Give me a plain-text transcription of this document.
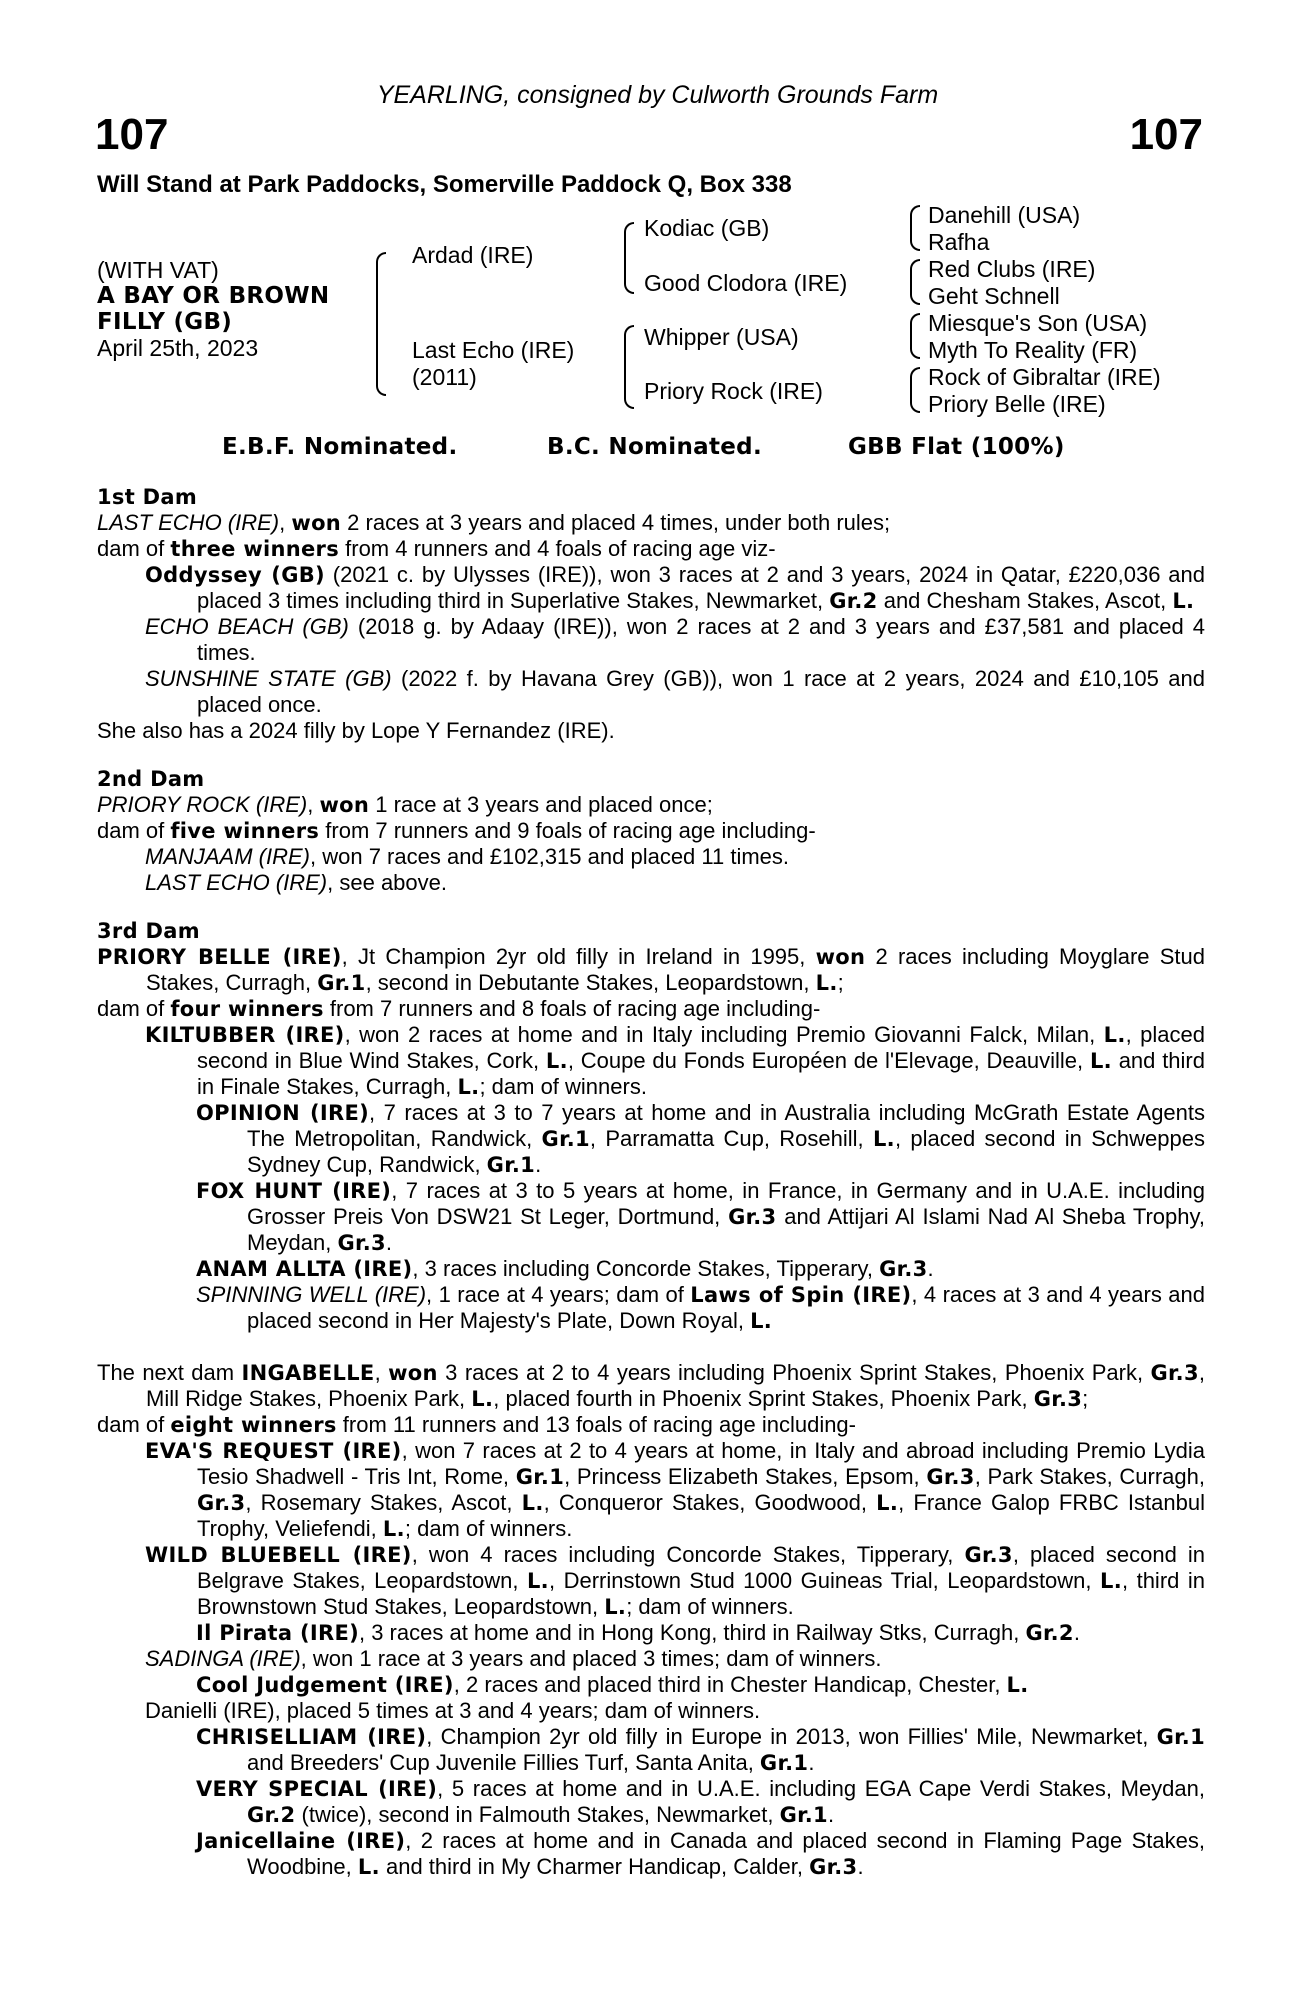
YEARLING, consigned by Culworth Grounds Farm
107	107
Will Stand at Park Paddocks, Somerville Paddock Q, Box 338
(WITH VAT)
A BAY OR BROWN
FILLY (GB)
April 25th, 2023
Ardad (IRE)
Last Echo (IRE)
(2011)
Kodiac (GB)
Good Clodora (IRE)
Whipper (USA)
Priory Rock (IRE)
Danehill (USA)
Rafha
Red Clubs (IRE)
Geht Schnell
Miesque's Son (USA)
Myth To Reality (FR)
Rock of Gibraltar (IRE)
Priory Belle (IRE)
E.B.F. Nominated.	B.C. Nominated.	GBB Flat (100%)

1st Dam

LAST ECHO (IRE), won 2 races at 3 years and placed 4 times, under both rules;

dam of three winners from 4 runners and 4 foals of racing age viz-

Oddyssey (GB) (2021 c. by Ulysses (IRE)), won 3 races at 2 and 3 years, 2024 in Qatar, £220,036 and placed 3 times including third in Superlative Stakes, Newmarket, Gr.2 and Chesham Stakes, Ascot, L.

ECHO BEACH (GB) (2018 g. by Adaay (IRE)), won 2 races at 2 and 3 years and £37,581 and placed 4 times.

SUNSHINE STATE (GB) (2022 f. by Havana Grey (GB)), won 1 race at 2 years, 2024 and £10,105 and placed once.

She also has a 2024 filly by Lope Y Fernandez (IRE).

2nd Dam

PRIORY ROCK (IRE), won 1 race at 3 years and placed once;

dam of five winners from 7 runners and 9 foals of racing age including-

MANJAAM (IRE), won 7 races and £102,315 and placed 11 times.

LAST ECHO (IRE), see above.

3rd Dam

PRIORY BELLE (IRE), Jt Champion 2yr old filly in Ireland in 1995, won 2 races including Moyglare Stud Stakes, Curragh, Gr.1, second in Debutante Stakes, Leopardstown, L.;

dam of four winners from 7 runners and 8 foals of racing age including-

KILTUBBER (IRE), won 2 races at home and in Italy including Premio Giovanni Falck, Milan, L., placed second in Blue Wind Stakes, Cork, L., Coupe du Fonds Européen de l'Elevage, Deauville, L. and third in Finale Stakes, Curragh, L.; dam of winners.

OPINION (IRE), 7 races at 3 to 7 years at home and in Australia including McGrath Estate Agents The Metropolitan, Randwick, Gr.1, Parramatta Cup, Rosehill, L., placed second in Schweppes Sydney Cup, Randwick, Gr.1.

FOX HUNT (IRE), 7 races at 3 to 5 years at home, in France, in Germany and in U.A.E. including Grosser Preis Von DSW21 St Leger, Dortmund, Gr.3 and Attijari Al Islami Nad Al Sheba Trophy, Meydan, Gr.3.

ANAM ALLTA (IRE), 3 races including Concorde Stakes, Tipperary, Gr.3.

SPINNING WELL (IRE), 1 race at 4 years; dam of Laws of Spin (IRE), 4 races at 3 and 4 years and placed second in Her Majesty's Plate, Down Royal, L.

The next dam INGABELLE, won 3 races at 2 to 4 years including Phoenix Sprint Stakes, Phoenix Park, Gr.3, Mill Ridge Stakes, Phoenix Park, L., placed fourth in Phoenix Sprint Stakes, Phoenix Park, Gr.3;

dam of eight winners from 11 runners and 13 foals of racing age including-

EVA'S REQUEST (IRE), won 7 races at 2 to 4 years at home, in Italy and abroad including Premio Lydia Tesio Shadwell - Tris Int, Rome, Gr.1, Princess Elizabeth Stakes, Epsom, Gr.3, Park Stakes, Curragh, Gr.3, Rosemary Stakes, Ascot, L., Conqueror Stakes, Goodwood, L., France Galop FRBC Istanbul Trophy, Veliefendi, L.; dam of winners.

WILD BLUEBELL (IRE), won 4 races including Concorde Stakes, Tipperary, Gr.3, placed second in Belgrave Stakes, Leopardstown, L., Derrinstown Stud 1000 Guineas Trial, Leopardstown, L., third in Brownstown Stud Stakes, Leopardstown, L.; dam of winners.

Il Pirata (IRE), 3 races at home and in Hong Kong, third in Railway Stks, Curragh, Gr.2.

SADINGA (IRE), won 1 race at 3 years and placed 3 times; dam of winners.

Cool Judgement (IRE), 2 races and placed third in Chester Handicap, Chester, L.

Danielli (IRE), placed 5 times at 3 and 4 years; dam of winners.

CHRISELLIAM (IRE), Champion 2yr old filly in Europe in 2013, won Fillies' Mile, Newmarket, Gr.1 and Breeders' Cup Juvenile Fillies Turf, Santa Anita, Gr.1.

VERY SPECIAL (IRE), 5 races at home and in U.A.E. including EGA Cape Verdi Stakes, Meydan, Gr.2 (twice), second in Falmouth Stakes, Newmarket, Gr.1.

Janicellaine (IRE), 2 races at home and in Canada and placed second in Flaming Page Stakes, Woodbine, L. and third in My Charmer Handicap, Calder, Gr.3.
